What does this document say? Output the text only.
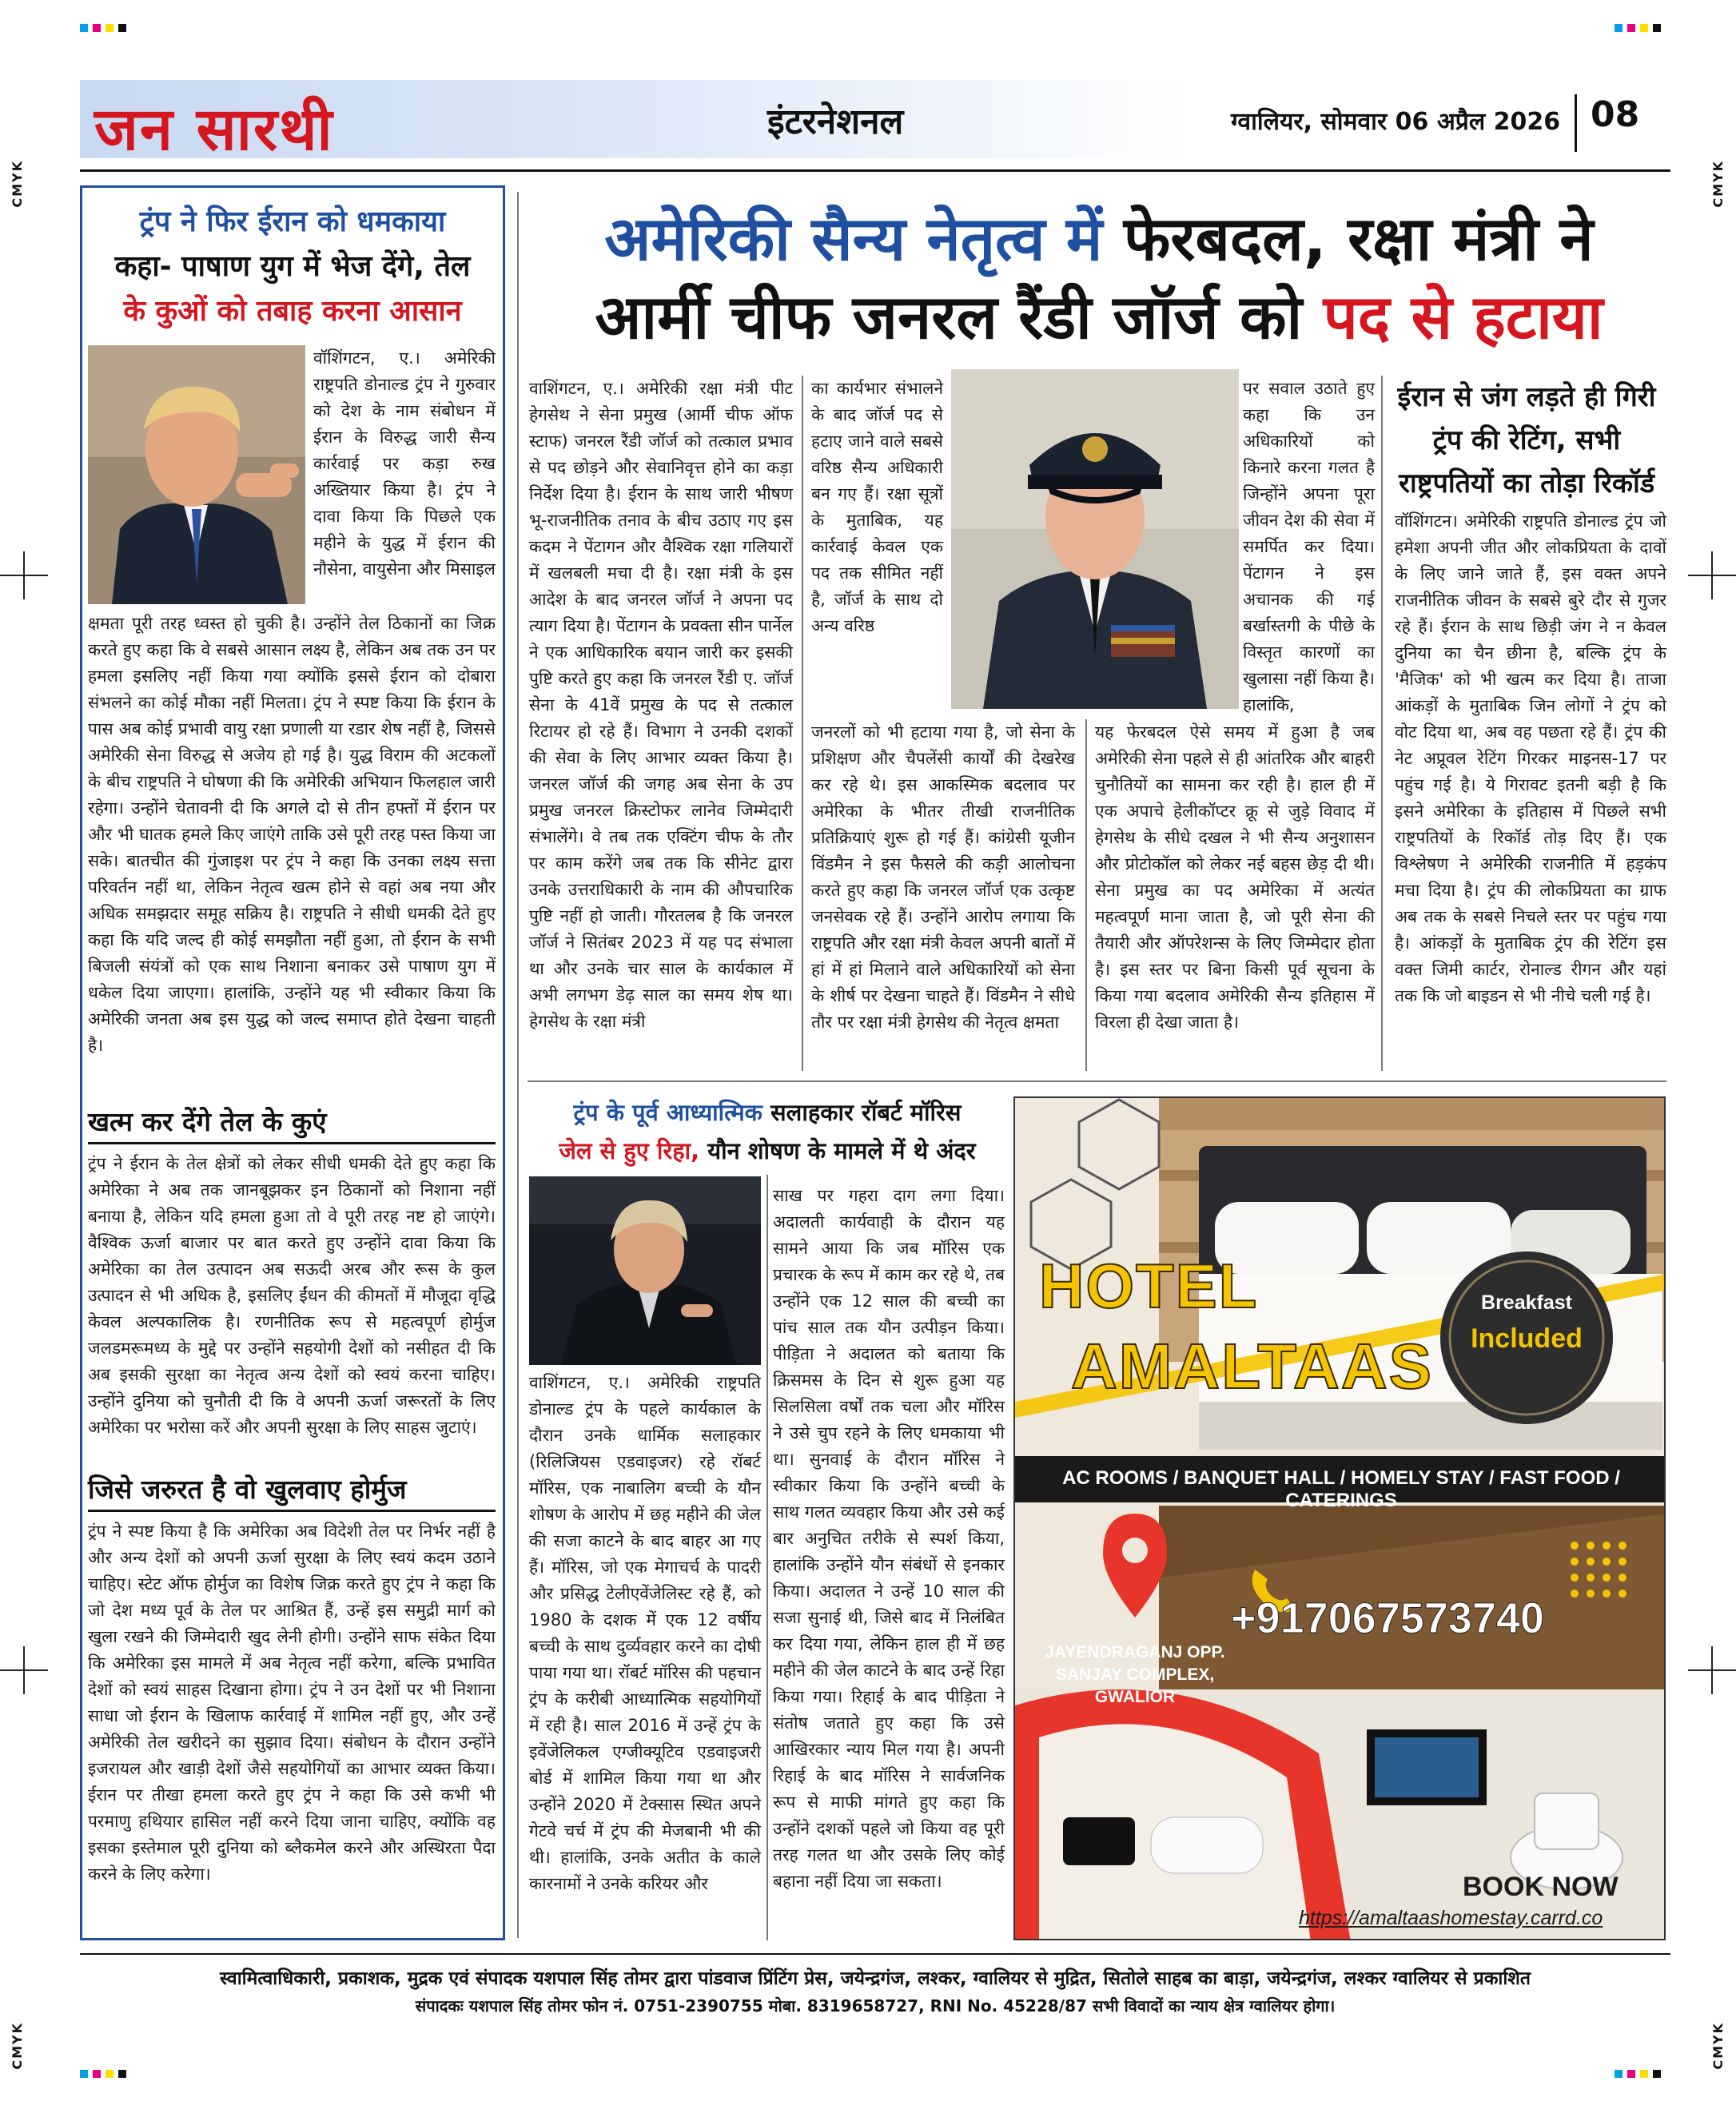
CMYK	CMYK
CMYK	CMYK
जन सारथी	इंटरनेशनल	ग्वालियर, सोमवार 06 अप्रैल 2026 08
ट्रंप ने फिर ईरान को धमकाया
कहा- पाषाण युग में भेज देंगे, तेल
के कुओं को तबाह करना आसान
वॉशिंगटन, ए.। अमेरिकी राष्ट्रपति डोनाल्ड ट्रंप ने गुरुवार को देश के नाम संबोधन में ईरान के विरुद्ध जारी सैन्य कार्रवाई पर कड़ा रुख अख्तियार किया है। ट्रंप ने दावा किया कि पिछले एक महीने के युद्ध में ईरान की नौसेना, वायुसेना और मिसाइल
क्षमता पूरी तरह ध्वस्त हो चुकी है। उन्होंने तेल ठिकानों का जिक्र करते हुए कहा कि वे सबसे आसान लक्ष्य है, लेकिन अब तक उन पर हमला इसलिए नहीं किया गया क्योंकि इससे ईरान को दोबारा संभलने का कोई मौका नहीं मिलता। ट्रंप ने स्पष्ट किया कि ईरान के पास अब कोई प्रभावी वायु रक्षा प्रणाली या रडार शेष नहीं है, जिससे अमेरिकी सेना विरुद्ध से अजेय हो गई है। युद्ध विराम की अटकलों के बीच राष्ट्रपति ने घोषणा की कि अमेरिकी अभियान फिलहाल जारी रहेगा। उन्होंने चेतावनी दी कि अगले दो से तीन हफ्तों में ईरान पर और भी घातक हमले किए जाएंगे ताकि उसे पूरी तरह पस्त किया जा सके। बातचीत की गुंजाइश पर ट्रंप ने कहा कि उनका लक्ष्य सत्ता परिवर्तन नहीं था, लेकिन नेतृत्व खत्म होने से वहां अब नया और अधिक समझदार समूह सक्रिय है। राष्ट्रपति ने सीधी धमकी देते हुए कहा कि यदि जल्द ही कोई समझौता नहीं हुआ, तो ईरान के सभी बिजली संयंत्रों को एक साथ निशाना बनाकर उसे पाषाण युग में धकेल दिया जाएगा। हालांकि, उन्होंने यह भी स्वीकार किया कि अमेरिकी जनता अब इस युद्ध को जल्द समाप्त होते देखना चाहती है।
खत्म कर देंगे तेल के कुएं
ट्रंप ने ईरान के तेल क्षेत्रों को लेकर सीधी धमकी देते हुए कहा कि अमेरिका ने अब तक जानबूझकर इन ठिकानों को निशाना नहीं बनाया है, लेकिन यदि हमला हुआ तो वे पूरी तरह नष्ट हो जाएंगे। वैश्विक ऊर्जा बाजार पर बात करते हुए उन्होंने दावा किया कि अमेरिका का तेल उत्पादन अब सऊदी अरब और रूस के कुल उत्पादन से भी अधिक है, इसलिए ईंधन की कीमतों में मौजूदा वृद्धि केवल अल्पकालिक है। रणनीतिक रूप से महत्वपूर्ण होर्मुज जलडमरूमध्य के मुद्दे पर उन्होंने सहयोगी देशों को नसीहत दी कि अब इसकी सुरक्षा का नेतृत्व अन्य देशों को स्वयं करना चाहिए। उन्होंने दुनिया को चुनौती दी कि वे अपनी ऊर्जा जरूरतों के लिए अमेरिका पर भरोसा करें और अपनी सुरक्षा के लिए साहस जुटाएं।
जिसे जरुरत है वो खुलवाए होर्मुज
ट्रंप ने स्पष्ट किया है कि अमेरिका अब विदेशी तेल पर निर्भर नहीं है और अन्य देशों को अपनी ऊर्जा सुरक्षा के लिए स्वयं कदम उठाने चाहिए। स्टेट ऑफ होर्मुज का विशेष जिक्र करते हुए ट्रंप ने कहा कि जो देश मध्य पूर्व के तेल पर आश्रित हैं, उन्हें इस समुद्री मार्ग को खुला रखने की जिम्मेदारी खुद लेनी होगी। उन्होंने साफ संकेत दिया कि अमेरिका इस मामले में अब नेतृत्व नहीं करेगा, बल्कि प्रभावित देशों को स्वयं साहस दिखाना होगा। ट्रंप ने उन देशों पर भी निशाना साधा जो ईरान के खिलाफ कार्रवाई में शामिल नहीं हुए, और उन्हें अमेरिकी तेल खरीदने का सुझाव दिया। संबोधन के दौरान उन्होंने इजरायल और खाड़ी देशों जैसे सहयोगियों का आभार व्यक्त किया। ईरान पर तीखा हमला करते हुए ट्रंप ने कहा कि उसे कभी भी परमाणु हथियार हासिल नहीं करने दिया जाना चाहिए, क्योंकि वह इसका इस्तेमाल पूरी दुनिया को ब्लैकमेल करने और अस्थिरता पैदा करने के लिए करेगा।
अमेरिकी सैन्य नेतृत्व में फेरबदल, रक्षा मंत्री ने
आर्मी चीफ जनरल रैंडी जॉर्ज को पद से हटाया
वाशिंगटन, ए.। अमेरिकी रक्षा मंत्री पीट हेगसेथ ने सेना प्रमुख (आर्मी चीफ ऑफ स्टाफ) जनरल रैंडी जॉर्ज को तत्काल प्रभाव से पद छोड़ने और सेवानिवृत्त होने का कड़ा निर्देश दिया है। ईरान के साथ जारी भीषण भू-राजनीतिक तनाव के बीच उठाए गए इस कदम ने पेंटागन और वैश्विक रक्षा गलियारों में खलबली मचा दी है। रक्षा मंत्री के इस आदेश के बाद जनरल जॉर्ज ने अपना पद त्याग दिया है। पेंटागन के प्रवक्ता सीन पार्नेल ने एक आधिकारिक बयान जारी कर इसकी पुष्टि करते हुए कहा कि जनरल रैंडी ए. जॉर्ज सेना के 41वें प्रमुख के पद से तत्काल रिटायर हो रहे हैं। विभाग ने उनकी दशकों की सेवा के लिए आभार व्यक्त किया है। जनरल जॉर्ज की जगह अब सेना के उप प्रमुख जनरल क्रिस्टोफर लानेव जिम्मेदारी संभालेंगे। वे तब तक एक्टिंग चीफ के तौर पर काम करेंगे जब तक कि सीनेट द्वारा उनके उत्तराधिकारी के नाम की औपचारिक पुष्टि नहीं हो जाती। गौरतलब है कि जनरल जॉर्ज ने सितंबर 2023 में यह पद संभाला था और उनके चार साल के कार्यकाल में अभी लगभग डेढ़ साल का समय शेष था। हेगसेथ के रक्षा मंत्री
का कार्यभार संभालने के बाद जॉर्ज पद से हटाए जाने वाले सबसे वरिष्ठ सैन्य अधिकारी बन गए हैं। रक्षा सूत्रों के मुताबिक, यह कार्रवाई केवल एक पद तक सीमित नहीं है, जॉर्ज के साथ दो अन्य वरिष्ठ
जनरलों को भी हटाया गया है, जो सेना के प्रशिक्षण और चैपलेंसी कार्यों की देखरेख कर रहे थे। इस आकस्मिक बदलाव पर अमेरिका के भीतर तीखी राजनीतिक प्रतिक्रियाएं शुरू हो गई हैं। कांग्रेसी यूजीन विंडमैन ने इस फैसले की कड़ी आलोचना करते हुए कहा कि जनरल जॉर्ज एक उत्कृष्ट जनसेवक रहे हैं। उन्होंने आरोप लगाया कि राष्ट्रपति और रक्षा मंत्री केवल अपनी बातों में हां में हां मिलाने वाले अधिकारियों को सेना के शीर्ष पर देखना चाहते हैं। विंडमैन ने सीधे तौर पर रक्षा मंत्री हेगसेथ की नेतृत्व क्षमता
पर सवाल उठाते हुए कहा कि उन अधिकारियों को किनारे करना गलत है जिन्होंने अपना पूरा जीवन देश की सेवा में समर्पित कर दिया। पेंटागन ने इस अचानक की गई बर्खास्तगी के पीछे के विस्तृत कारणों का खुलासा नहीं किया है। हालांकि,
यह फेरबदल ऐसे समय में हुआ है जब अमेरिकी सेना पहले से ही आंतरिक और बाहरी चुनौतियों का सामना कर रही है। हाल ही में एक अपाचे हेलीकॉप्टर क्रू से जुड़े विवाद में हेगसेथ के सीधे दखल ने भी सैन्य अनुशासन और प्रोटोकॉल को लेकर नई बहस छेड़ दी थी। सेना प्रमुख का पद अमेरिका में अत्यंत महत्वपूर्ण माना जाता है, जो पूरी सेना की तैयारी और ऑपरेशन्स के लिए जिम्मेदार होता है। इस स्तर पर बिना किसी पूर्व सूचना के किया गया बदलाव अमेरिकी सैन्य इतिहास में विरला ही देखा जाता है।
ईरान से जंग लड़ते ही गिरी ट्रंप की रेटिंग, सभी राष्ट्रपतियों का तोड़ा रिकॉर्ड
वॉशिंगटन। अमेरिकी राष्ट्रपति डोनाल्ड ट्रंप जो हमेशा अपनी जीत और लोकप्रियता के दावों के लिए जाने जाते हैं, इस वक्त अपने राजनीतिक जीवन के सबसे बुरे दौर से गुजर रहे हैं। ईरान के साथ छिड़ी जंग ने न केवल दुनिया का चैन छीना है, बल्कि ट्रंप के 'मैजिक' को भी खत्म कर दिया है। ताजा आंकड़ों के मुताबिक जिन लोगों ने ट्रंप को वोट दिया था, अब वह पछता रहे हैं। ट्रंप की नेट अप्रूवल रेटिंग गिरकर माइनस-17 पर पहुंच गई है। ये गिरावट इतनी बड़ी है कि इसने अमेरिका के इतिहास में पिछले सभी राष्ट्रपतियों के रिकॉर्ड तोड़ दिए हैं। एक विश्लेषण ने अमेरिकी राजनीति में हड़कंप मचा दिया है। ट्रंप की लोकप्रियता का ग्राफ अब तक के सबसे निचले स्तर पर पहुंच गया है। आंकड़ों के मुताबिक ट्रंप की रेटिंग इस वक्त जिमी कार्टर, रोनाल्ड रीगन और यहां तक कि जो बाइडन से भी नीचे चली गई है।
ट्रंप के पूर्व आध्यात्मिक सलाहकार रॉबर्ट मॉरिस
जेल से हुए रिहा, यौन शोषण के मामले में थे अंदर
साख पर गहरा दाग लगा दिया। अदालती कार्यवाही के दौरान यह सामने आया कि जब मॉरिस एक प्रचारक के रूप में काम कर रहे थे, तब उन्होंने एक 12 साल की बच्ची का पांच साल तक यौन उत्पीड़न किया। पीड़िता ने अदालत को बताया कि क्रिसमस के दिन से शुरू हुआ यह सिलसिला वर्षों तक चला और मॉरिस ने उसे चुप रहने के लिए धमकाया भी था। सुनवाई के दौरान मॉरिस ने स्वीकार किया कि उन्होंने बच्ची के साथ गलत व्यवहार किया और उसे कई बार अनुचित तरीके से स्पर्श किया, हालांकि उन्होंने यौन संबंधों से इनकार किया। अदालत ने उन्हें 10 साल की सजा सुनाई थी, जिसे बाद में निलंबित कर दिया गया, लेकिन हाल ही में छह महीने की जेल काटने के बाद उन्हें रिहा किया गया। रिहाई के बाद पीड़िता ने संतोष जताते हुए कहा कि उसे आखिरकार न्याय मिल गया है। अपनी रिहाई के बाद मॉरिस ने सार्वजनिक रूप से माफी मांगते हुए कहा कि उन्होंने दशकों पहले जो किया वह पूरी तरह गलत था और उसके लिए कोई बहाना नहीं दिया जा सकता।
वाशिंगटन, ए.। अमेरिकी राष्ट्रपति डोनाल्ड ट्रंप के पहले कार्यकाल के दौरान उनके धार्मिक सलाहकार (रिलिजियस एडवाइजर) रहे रॉबर्ट मॉरिस, एक नाबालिग बच्ची के यौन शोषण के आरोप में छह महीने की जेल की सजा काटने के बाद बाहर आ गए हैं। मॉरिस, जो एक मेगाचर्च के पादरी और प्रसिद्ध टेलीएवेंजेलिस्ट रहे हैं, को 1980 के दशक में एक 12 वर्षीय बच्ची के साथ दुर्व्यवहार करने का दोषी पाया गया था। रॉबर्ट मॉरिस की पहचान ट्रंप के करीबी आध्यात्मिक सहयोगियों में रही है। साल 2016 में उन्हें ट्रंप के इवेंजेलिकल एग्जीक्यूटिव एडवाइजरी बोर्ड में शामिल किया गया था और उन्होंने 2020 में टेक्सास स्थित अपने गेटवे चर्च में ट्रंप की मेजबानी भी की थी। हालांकि, उनके अतीत के काले कारनामों ने उनके करियर और
HOTEL
AMALTAAS
Breakfast
Included
AC ROOMS / BANQUET HALL / HOMELY STAY / FAST FOOD / CATERINGS
+917067573740
JAYENDRAGANJ OPP.
SANJAY COMPLEX,
GWALIOR
BOOK NOW
https://amaltaashomestay.carrd.co
स्वामित्वाधिकारी, प्रकाशक, मुद्रक एवं संपादक यशपाल सिंह तोमर द्वारा पांडवाज प्रिंटिंग प्रेस, जयेन्द्रगंज, लश्कर, ग्वालियर से मुद्रित, सितोले साहब का बाड़ा, जयेन्द्रगंज, लश्कर ग्वालियर से प्रकाशित
संपादकः यशपाल सिंह तोमर फोन नं. 0751-2390755 मोबा. 8319658727, RNI No. 45228/87 सभी विवादों का न्याय क्षेत्र ग्वालियर होगा।
